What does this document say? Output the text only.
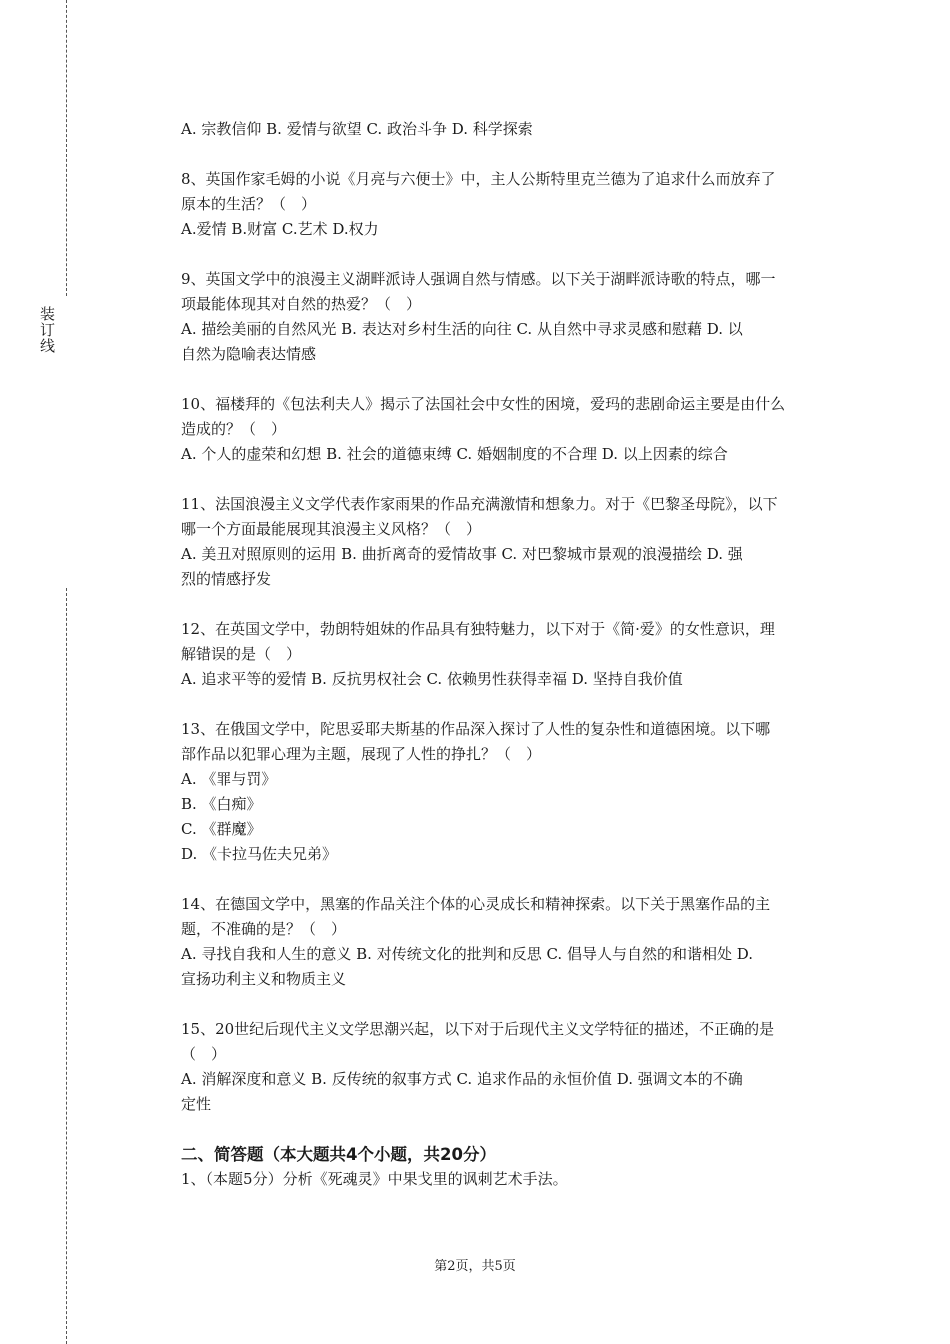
装订线
A. 宗教信仰 B. 爱情与欲望 C. 政治斗争 D. 科学探索

8、英国作家毛姆的小说《月亮与六便士》中，主人公斯特里克兰德为了追求什么而放弃了

原本的生活？（　）

A.爱情 B.财富 C.艺术 D.权力

9、英国文学中的浪漫主义湖畔派诗人强调自然与情感。以下关于湖畔派诗歌的特点，哪一

项最能体现其对自然的热爱？（　）

A. 描绘美丽的自然风光 B. 表达对乡村生活的向往 C. 从自然中寻求灵感和慰藉 D. 以

自然为隐喻表达情感

10、福楼拜的《包法利夫人》揭示了法国社会中女性的困境，爱玛的悲剧命运主要是由什么

造成的？（　）

A. 个人的虚荣和幻想 B. 社会的道德束缚 C. 婚姻制度的不合理 D. 以上因素的综合

11、法国浪漫主义文学代表作家雨果的作品充满激情和想象力。对于《巴黎圣母院》，以下

哪一个方面最能展现其浪漫主义风格？（　）

A. 美丑对照原则的运用 B. 曲折离奇的爱情故事 C. 对巴黎城市景观的浪漫描绘 D. 强

烈的情感抒发

12、在英国文学中，勃朗特姐妹的作品具有独特魅力，以下对于《简·爱》的女性意识，理

解错误的是（　）

A. 追求平等的爱情 B. 反抗男权社会 C. 依赖男性获得幸福 D. 坚持自我价值

13、在俄国文学中，陀思妥耶夫斯基的作品深入探讨了人性的复杂性和道德困境。以下哪

部作品以犯罪心理为主题，展现了人性的挣扎？（　）

A. 《罪与罚》

B. 《白痴》

C. 《群魔》

D. 《卡拉马佐夫兄弟》

14、在德国文学中，黑塞的作品关注个体的心灵成长和精神探索。以下关于黑塞作品的主

题，不准确的是？（　）

A. 寻找自我和人生的意义 B. 对传统文化的批判和反思 C. 倡导人与自然的和谐相处 D.

宣扬功利主义和物质主义

15、20世纪后现代主义文学思潮兴起，以下对于后现代主义文学特征的描述，不正确的是

（　）

A. 消解深度和意义 B. 反传统的叙事方式 C. 追求作品的永恒价值 D. 强调文本的不确

定性

二、简答题（本大题共4个小题，共20分）
1、（本题5分）分析《死魂灵》中果戈里的讽刺艺术手法。
第2页，共5页
